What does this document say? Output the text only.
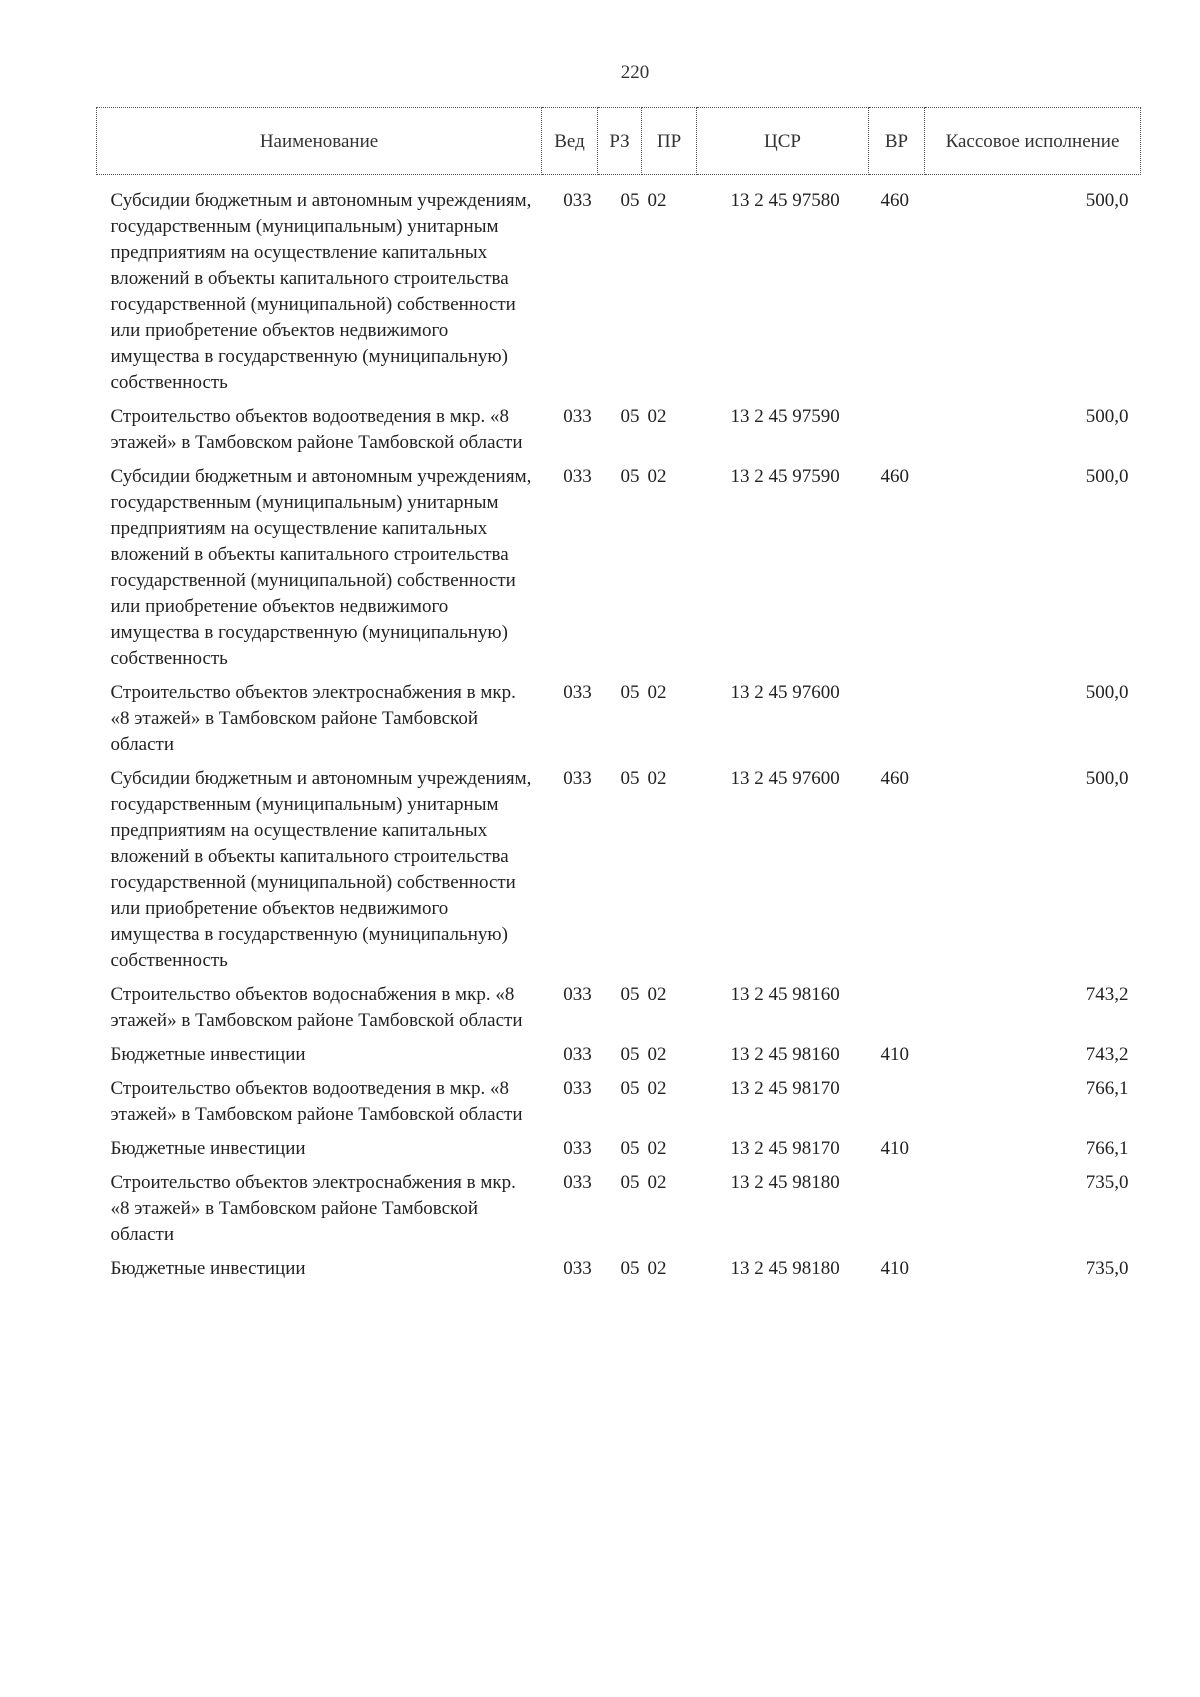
220
Наименование	Вед	РЗ	ПР	ЦСР	ВР	Кассовое исполнение
Субсидии бюджетным и автономным учреждениям, государственным (муниципальным) унитарным предприятиям на осуществление капитальных вложений в объекты капитального строительства государственной (муниципальной) собственности или приобретение объектов недвижимого имущества в государственную (муниципальную) собственность	033	05	02	13 2 45 97580	460	500,0
Строительство объектов водоотведения в мкр. «8 этажей» в Тамбовском районе Тамбовской области	033	05	02	13 2 45 97590		500,0
Субсидии бюджетным и автономным учреждениям, государственным (муниципальным) унитарным предприятиям на осуществление капитальных вложений в объекты капитального строительства государственной (муниципальной) собственности или приобретение объектов недвижимого имущества в государственную (муниципальную) собственность	033	05	02	13 2 45 97590	460	500,0
Строительство объектов электроснабжения в мкр. «8 этажей» в Тамбовском районе Тамбовской области	033	05	02	13 2 45 97600		500,0
Субсидии бюджетным и автономным учреждениям, государственным (муниципальным) унитарным предприятиям на осуществление капитальных вложений в объекты капитального строительства государственной (муниципальной) собственности или приобретение объектов недвижимого имущества в государственную (муниципальную) собственность	033	05	02	13 2 45 97600	460	500,0
Строительство объектов водоснабжения в мкр. «8 этажей» в Тамбовском районе Тамбовской области	033	05	02	13 2 45 98160		743,2
Бюджетные инвестиции	033	05	02	13 2 45 98160	410	743,2
Строительство объектов водоотведения в мкр. «8 этажей» в Тамбовском районе Тамбовской области	033	05	02	13 2 45 98170		766,1
Бюджетные инвестиции	033	05	02	13 2 45 98170	410	766,1
Строительство объектов электроснабжения в мкр. «8 этажей» в Тамбовском районе Тамбовской области	033	05	02	13 2 45 98180		735,0
Бюджетные инвестиции	033	05	02	13 2 45 98180	410	735,0
